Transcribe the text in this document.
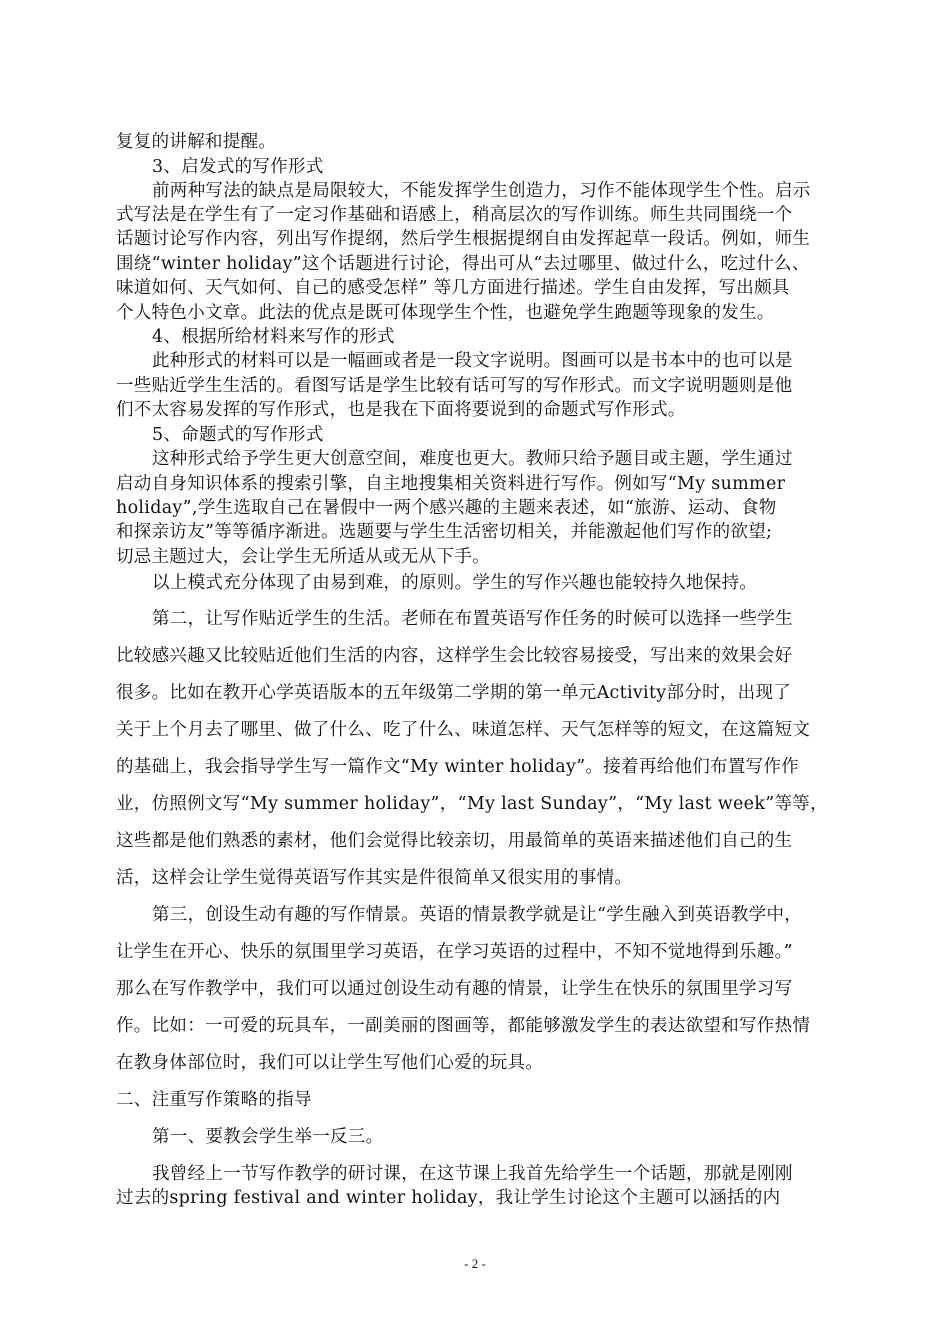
复复的讲解和提醒。
3、启发式的写作形式
前两种写法的缺点是局限较大，不能发挥学生创造力，习作不能体现学生个性。启示
式写法是在学生有了一定习作基础和语感上，稍高层次的写作训练。师生共同围绕一个
话题讨论写作内容，列出写作提纲，然后学生根据提纲自由发挥起草一段话。例如，师生
围绕“winter holiday”这个话题进行讨论，得出可从“去过哪里、做过什么，吃过什么、
味道如何、天气如何、自己的感受怎样” 等几方面进行描述。学生自由发挥，写出颇具
个人特色小文章。此法的优点是既可体现学生个性，也避免学生跑题等现象的发生。
4、根据所给材料来写作的形式
此种形式的材料可以是一幅画或者是一段文字说明。图画可以是书本中的也可以是
一些贴近学生生活的。看图写话是学生比较有话可写的写作形式。而文字说明题则是他
们不太容易发挥的写作形式，也是我在下面将要说到的命题式写作形式。
5、命题式的写作形式
这种形式给予学生更大创意空间，难度也更大。教师只给予题目或主题，学生通过
启动自身知识体系的搜索引擎，自主地搜集相关资料进行写作。例如写“My summer
holiday”,学生选取自己在暑假中一两个感兴趣的主题来表述，如“旅游、运动、食物
和探亲访友”等等循序渐进。选题要与学生生活密切相关，并能激起他们写作的欲望;
切忌主题过大，会让学生无所适从或无从下手。
以上模式充分体现了由易到难，的原则。学生的写作兴趣也能较持久地保持。
第二，让写作贴近学生的生活。老师在布置英语写作任务的时候可以选择一些学生
比较感兴趣又比较贴近他们生活的内容，这样学生会比较容易接受，写出来的效果会好
很多。比如在教开心学英语版本的五年级第二学期的第一单元Activity部分时，出现了
关于上个月去了哪里、做了什么、吃了什么、味道怎样、天气怎样等的短文，在这篇短文
的基础上，我会指导学生写一篇作文“My winter holiday”。接着再给他们布置写作作
业，仿照例文写“My summer holiday”，“My last Sunday”，“My last week”等等，
这些都是他们熟悉的素材，他们会觉得比较亲切，用最简单的英语来描述他们自己的生
活，这样会让学生觉得英语写作其实是件很简单又很实用的事情。
第三，创设生动有趣的写作情景。英语的情景教学就是让“学生融入到英语教学中，
让学生在开心、快乐的氛围里学习英语，在学习英语的过程中，不知不觉地得到乐趣。”
那么在写作教学中，我们可以通过创设生动有趣的情景，让学生在快乐的氛围里学习写
作。比如：一可爱的玩具车，一副美丽的图画等，都能够激发学生的表达欲望和写作热情
在教身体部位时，我们可以让学生写他们心爱的玩具。
二、注重写作策略的指导
第一、要教会学生举一反三。
我曾经上一节写作教学的研讨课，在这节课上我首先给学生一个话题，那就是刚刚
过去的spring festival and winter holiday，我让学生讨论这个主题可以涵括的内
- 2 -
